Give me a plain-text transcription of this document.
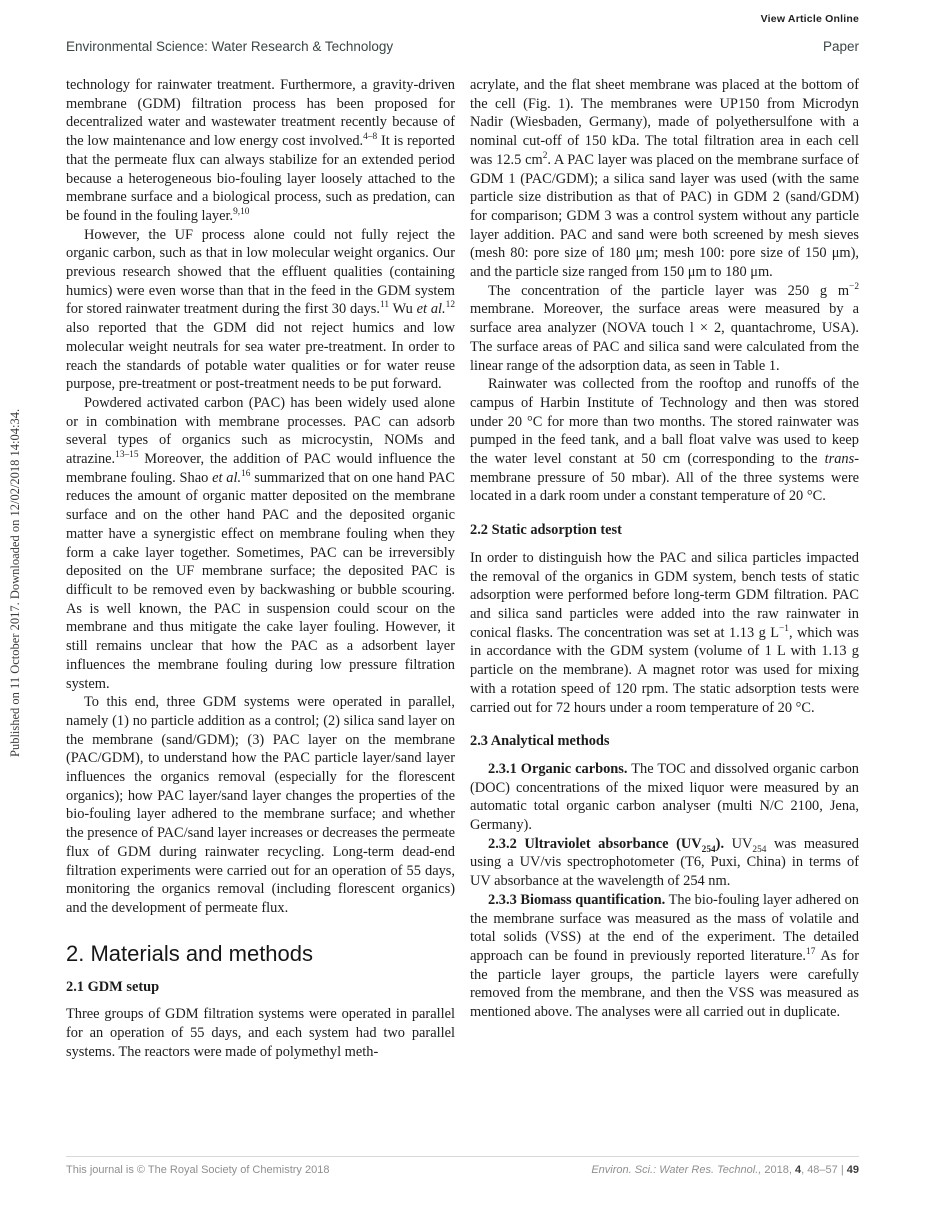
View Article Online
Environmental Science: Water Research & Technology	Paper
Published on 11 October 2017. Downloaded on 12/02/2018 14:04:34.

technology for rainwater treatment. Furthermore, a gravity-driven membrane (GDM) filtration process has been proposed for decentralized water and wastewater treatment recently because of the low maintenance and low energy cost involved.$^{4-8}$ It is reported that the permeate flux can always stabilize for an extended period because a heterogeneous bio-fouling layer loosely attached to the membrane surface and a biological process, such as predation, can be found in the fouling layer.$^{9,10}$

However, the UF process alone could not fully reject the organic carbon, such as that in low molecular weight organics. Our previous research showed that the effluent qualities (containing humics) were even worse than that in the feed in the GDM system for stored rainwater treatment during the first 30 days.$^{11}$ Wu et al.$^{12}$ also reported that the GDM did not reject humics and low molecular weight neutrals for sea water pre-treatment. In order to reach the standards of potable water qualities or for water reuse purpose, pre-treatment or post-treatment needs to be put forward.

Powdered activated carbon (PAC) has been widely used alone or in combination with membrane processes. PAC can adsorb several types of organics such as microcystin, NOMs and atrazine.$^{13-15}$ Moreover, the addition of PAC would influence the membrane fouling. Shao et al.$^{16}$ summarized that on one hand PAC reduces the amount of organic matter deposited on the membrane surface and on the other hand PAC and the deposited organic matter have a synergistic effect on membrane fouling when they form a cake layer together. Sometimes, PAC can be irreversibly deposited on the UF membrane surface; the deposited PAC is difficult to be removed even by backwashing or bubble scouring. As is well known, the PAC in suspension could scour on the membrane and thus mitigate the cake layer fouling. However, it still remains unclear that how the PAC as a adsorbent layer influences the membrane fouling during low pressure filtration system.

To this end, three GDM systems were operated in parallel, namely (1) no particle addition as a control; (2) silica sand layer on the membrane (sand/GDM); (3) PAC layer on the membrane (PAC/GDM), to understand how the PAC particle layer/sand layer influences the organics removal (especially for the florescent organics); how PAC layer/sand layer changes the properties of the bio-fouling layer adhered to the membrane surface; and whether the presence of PAC/sand layer increases or decreases the permeate flux of GDM during rainwater recycling. Long-term dead-end filtration experiments were carried out for an operation of 55 days, monitoring the organics removal (including florescent organics) and the development of permeate flux.

2. Materials and methods
2.1 GDM setup

Three groups of GDM filtration systems were operated in parallel for an operation of 55 days, and each system had two parallel systems. The reactors were made of polymethyl meth-

acrylate, and the flat sheet membrane was placed at the bottom of the cell (Fig. 1). The membranes were UP150 from Microdyn Nadir (Wiesbaden, Germany), made of polyethersulfone with a nominal cut-off of 150 kDa. The total filtration area in each cell was 12.5 $cm^2$. A PAC layer was placed on the membrane surface of GDM 1 (PAC/GDM); a silica sand layer was used (with the same particle size distribution as that of PAC) in GDM 2 (sand/GDM) for comparison; GDM 3 was a control system without any particle layer addition. PAC and sand were both screened by mesh sieves (mesh 80: pore size of 180 μm; mesh 100: pore size of 150 μm), and the particle size ranged from 150 μm to 180 μm.

The concentration of the particle layer was 250 g $m^{-2}$ membrane. Moreover, the surface areas were measured by a surface area analyzer (NOVA touch l × 2, quantachrome, USA). The surface areas of PAC and silica sand were calculated from the linear range of the adsorption data, as seen in Table 1.

Rainwater was collected from the rooftop and runoffs of the campus of Harbin Institute of Technology and then was stored under 20 °C for more than two months. The stored rainwater was pumped in the feed tank, and a ball float valve was used to keep the water level constant at 50 cm (corresponding to the trans-membrane pressure of 50 mbar). All of the three systems were located in a dark room under a constant temperature of 20 °C.

2.2 Static adsorption test

In order to distinguish how the PAC and silica particles impacted the removal of the organics in GDM system, bench tests of static adsorption were performed before long-term GDM filtration. PAC and silica sand particles were added into the raw rainwater in conical flasks. The concentration was set at 1.13 g $L^{-1}$, which was in accordance with the GDM system (volume of 1 L with 1.13 g particle on the membrane). A magnet rotor was used for mixing with a rotation speed of 120 rpm. The static adsorption tests were carried out for 72 hours under a room temperature of 20 °C.

2.3 Analytical methods

2.3.1 Organic carbons. The TOC and dissolved organic carbon (DOC) concentrations of the mixed liquor were measured by an automatic total organic carbon analyser (multi N/C 2100, Jena, Germany).

2.3.2 Ultraviolet absorbance $(UV_{254})$. $UV_{254}$ was measured using a UV/vis spectrophotometer (T6, Puxi, China) in terms of UV absorbance at the wavelength of 254 nm.

2.3.3 Biomass quantification. The bio-fouling layer adhered on the membrane surface was measured as the mass of volatile and total solids (VSS) at the end of the experiment. The detailed approach can be found in previously reported literature.$^{17}$ As for the particle layer groups, the particle layers were carefully removed from the membrane, and then the VSS was measured as mentioned above. The analyses were all carried out in duplicate.

This journal is © The Royal Society of Chemistry 2018	Environ. Sci.: Water Res. Technol., 2018, 4, 48–57 | 49
